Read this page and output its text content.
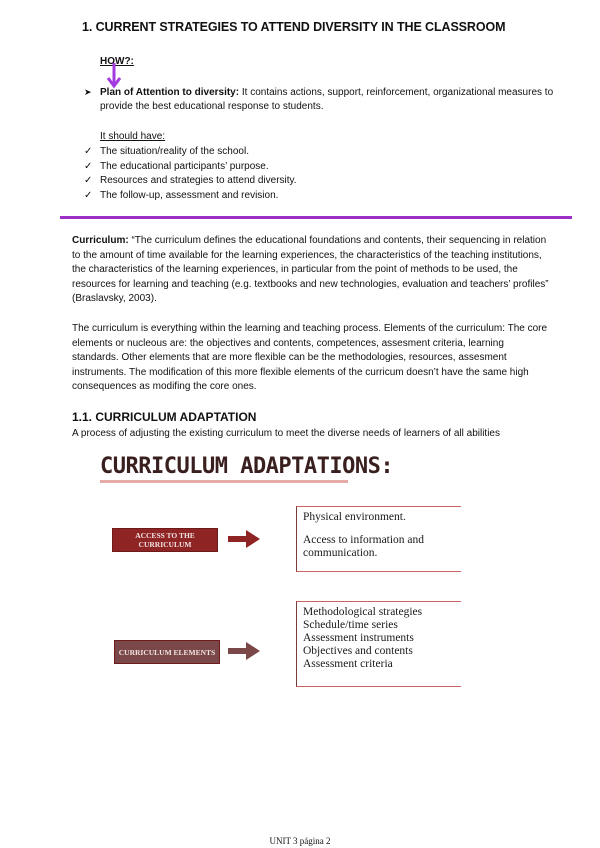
1. CURRENT STRATEGIES TO ATTEND DIVERSITY IN THE CLASSROOM
HOW?:
➤ Plan of Attention to diversity: It contains actions, support, reinforcement, organizational measures to provide the best educational response to students.
It should have:
✓ The situation/reality of the school.
✓ The educational participants’ purpose.
✓ Resources and strategies to attend diversity.
✓ The follow-up, assessment and revision.
Curriculum: “The curriculum defines the educational foundations and contents, their sequencing in relation to the amount of time available for the learning experiences, the characteristics of the teaching institutions, the characteristics of the learning experiences, in particular from the point of methods to be used, the resources for learning and teaching (e.g. textbooks and new technologies, evaluation and teachers’ profiles” (Braslavsky, 2003).
The curriculum is everything within the learning and teaching process. Elements of the curriculum: The core elements or nucleous are: the objectives and contents, competences, assesment criteria, learning standards. Other elements that are more flexible can be the methodologies, resources, assesment instruments. The modification of this more flexible elements of the curricum doesn’t have the same high consequences as modifing the core ones.
1.1. CURRICULUM ADAPTATION
A process of adjusting the existing curriculum to meet the diverse needs of learners of all abilities
CURRICULUM ADAPTATIONS:
ACCESS TO THE CURRICULUM
Physical environment.
Access to information and communication.
CURRICULUM ELEMENTS
Methodological strategies
Schedule/time series
Assessment instruments
Objectives and contents
Assessment criteria
UNIT 3 página 2
